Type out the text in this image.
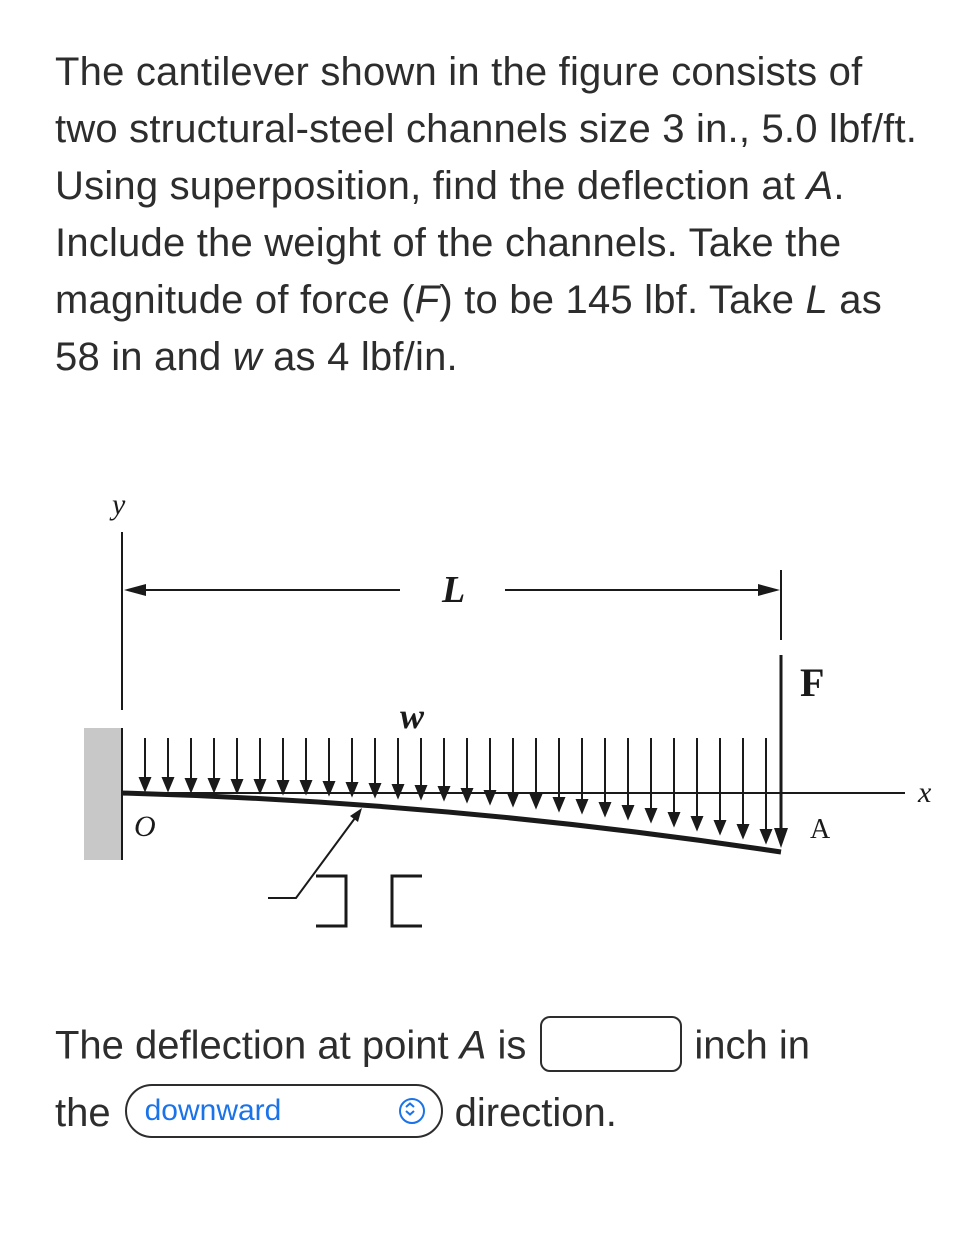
The cantilever shown in the figure consists of two structural-steel channels size 3 in., 5.0 lbf/ft. Using superposition, find the deflection at A. Include the weight of the channels. Take the magnitude of force (F) to be 145 lbf. Take L as 58 in and w as 4 lbf/in.
y
L
x
F
w
O	A
The deflection at point A is	inch in
the downward	direction.
